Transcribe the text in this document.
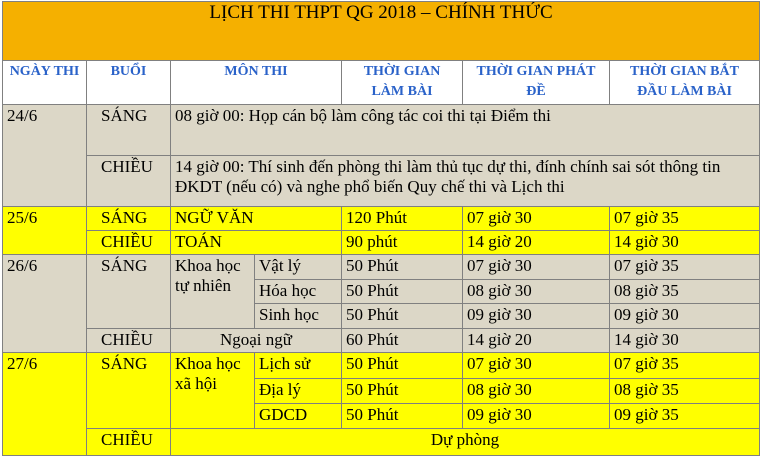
LỊCH THI THPT QG 2018 – CHÍNH THỨC						
NGÀY THI	BUỔI	MÔN THI		THỜI GIAN LÀM BÀI	THỜI GIAN PHÁT ĐỀ	THỜI GIAN BẮT ĐẦU LÀM BÀI
24/6	SÁNG	08 giờ 00: Họp cán bộ làm công tác coi thi tại Điểm thi				
	CHIỀU	14 giờ 00: Thí sinh đến phòng thi làm thủ tục dự thi, đính chính sai sót thông tin ĐKDT (nếu có) và nghe phổ biến Quy chế thi và Lịch thi				
25/6	SÁNG	NGỮ VĂN		120 Phút	07 giờ 30	07 giờ 35
	CHIỀU	TOÁN		90 phút	14 giờ 20	14 giờ 30
26/6	SÁNG	Khoa học tự nhiên	Vật lý	50 Phút	07 giờ 30	07 giờ 35
			Hóa học	50 Phút	08 giờ 30	08 giờ 35
			Sinh học	50 Phút	09 giờ 30	09 giờ 30
	CHIỀU	Ngoại ngữ		60 Phút	14 giờ 20	14 giờ 30
27/6	SÁNG	Khoa học xã hội	Lịch sử	50 Phút	07 giờ 30	07 giờ 35
			Địa lý	50 Phút	08 giờ 30	08 giờ 35
			GDCD	50 Phút	09 giờ 30	09 giờ 35
	CHIỀU	Dự phòng				
